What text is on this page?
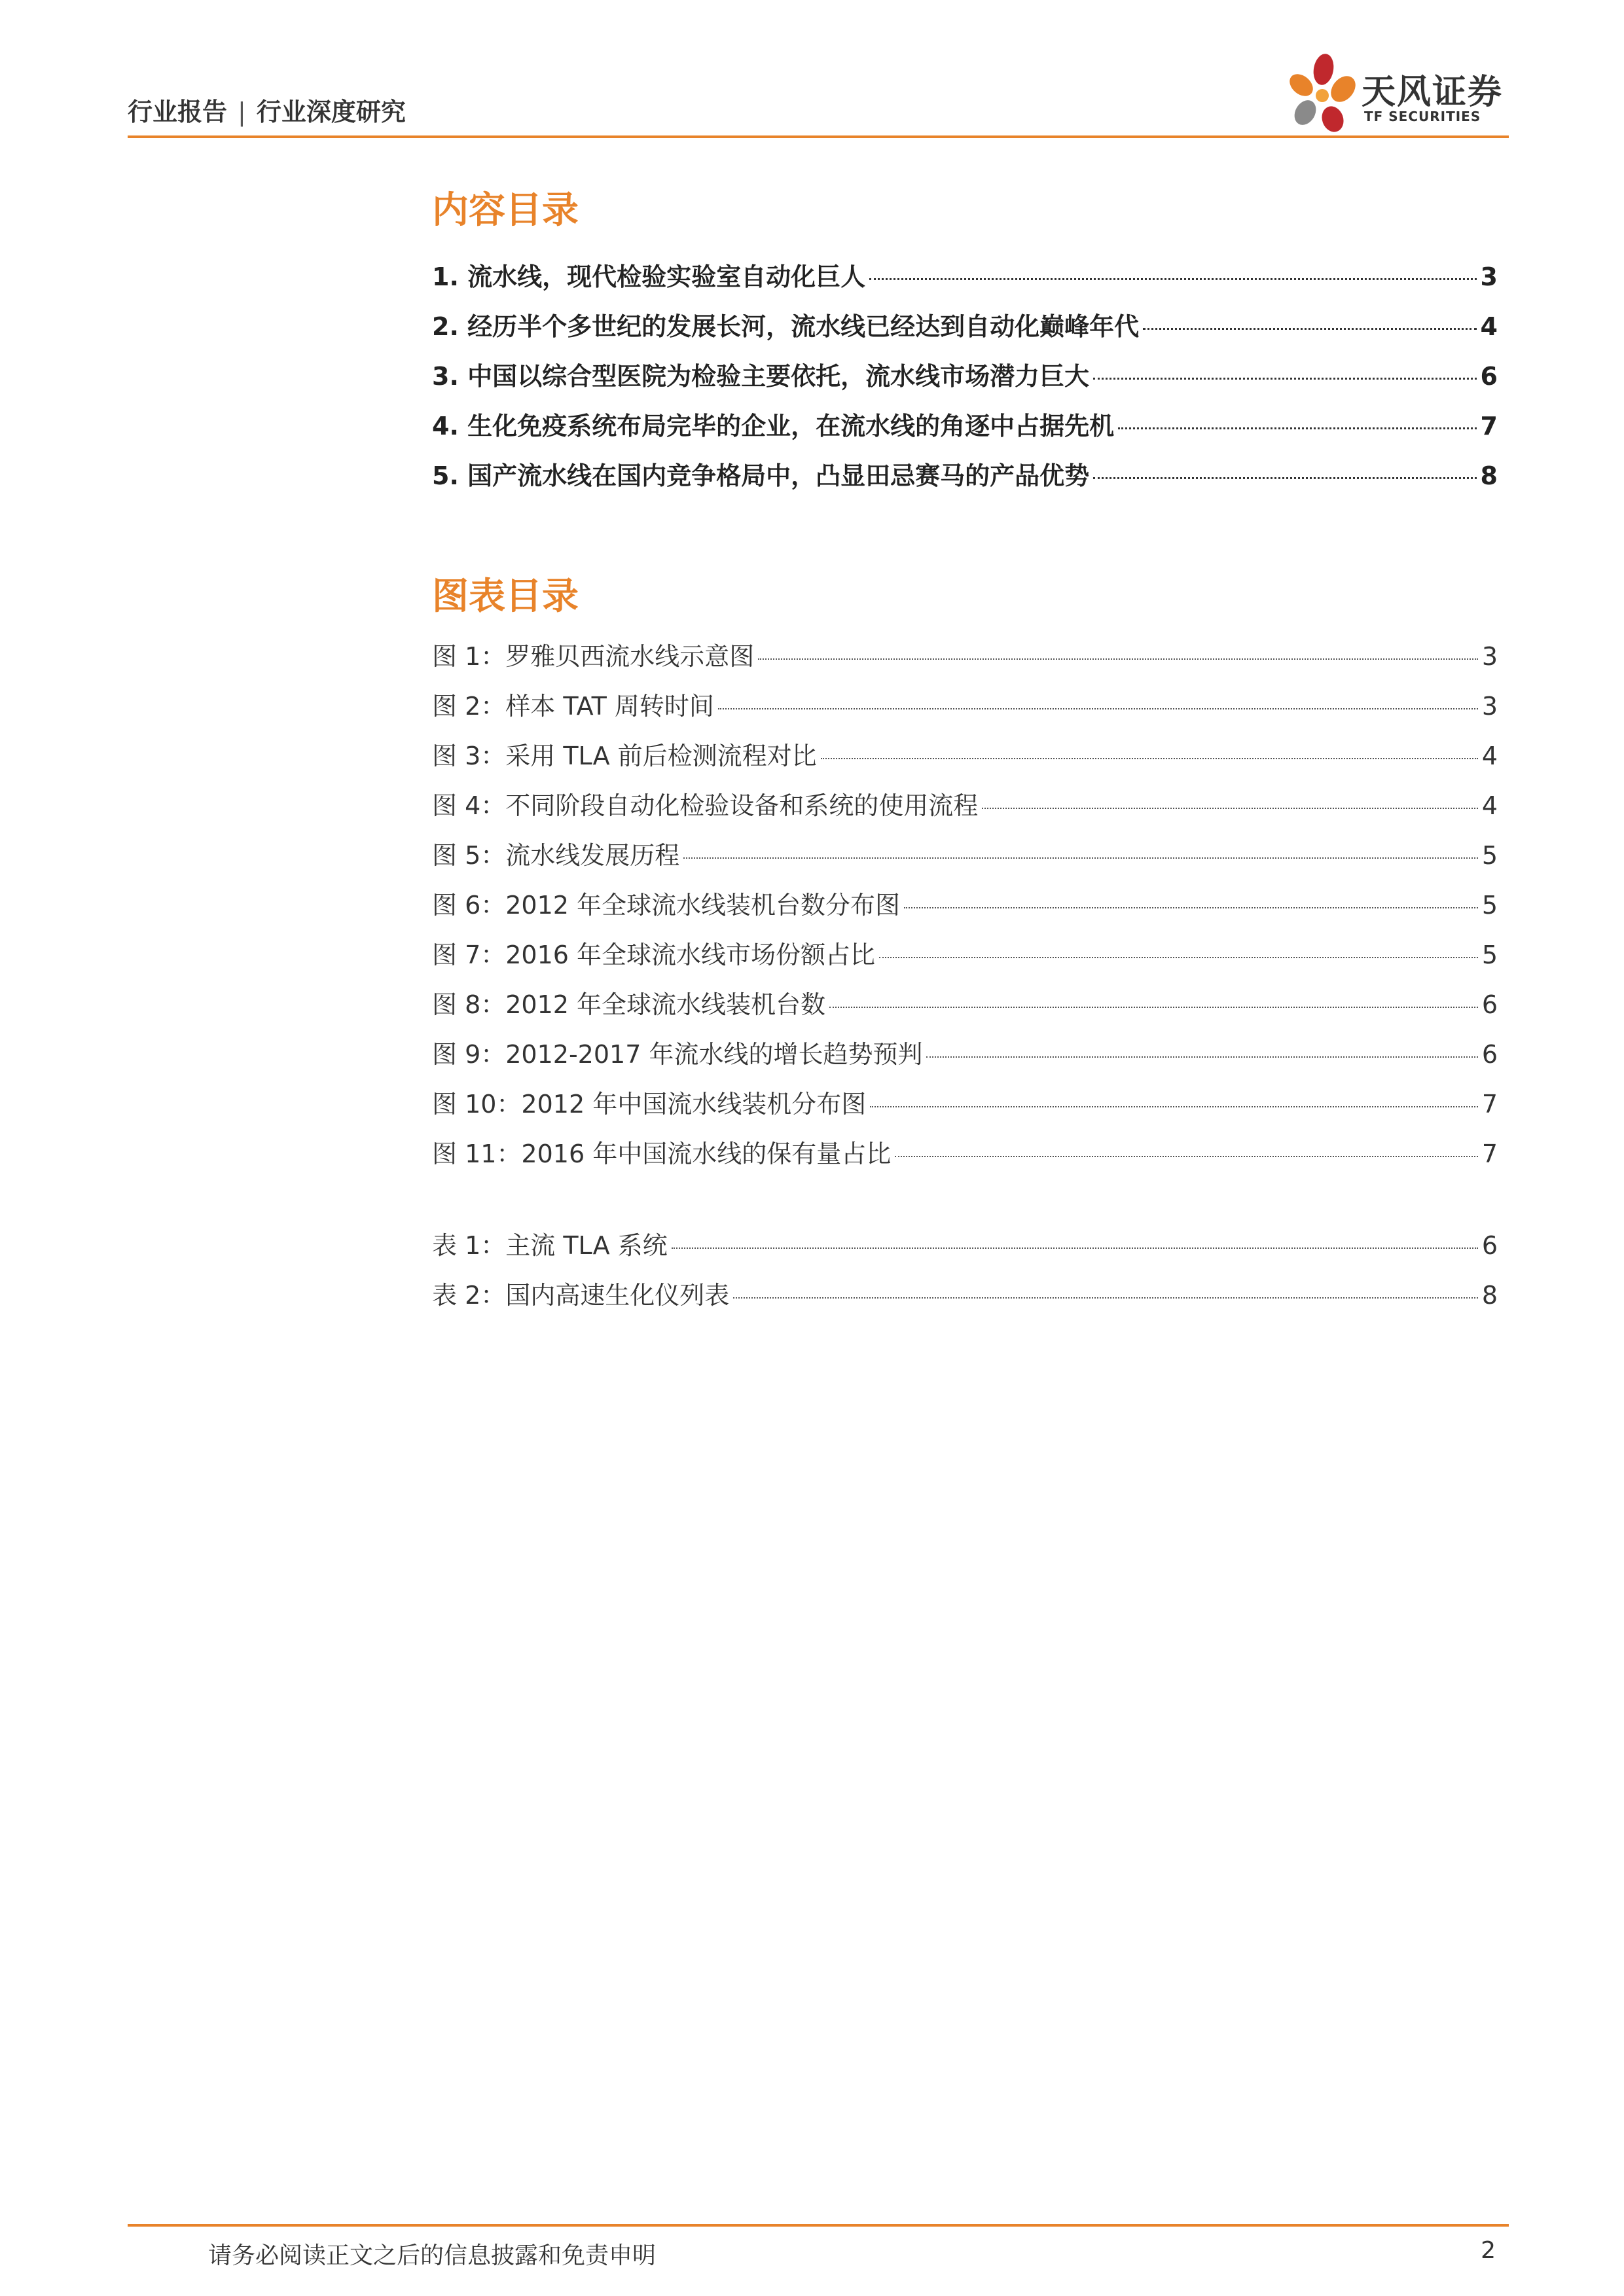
行业报告 | 行业深度研究	天风证券
TF SECURITIES
内容目录
1. 流水线，现代检验实验室自动化巨人	3
2. 经历半个多世纪的发展长河，流水线已经达到自动化巅峰年代	4
3. 中国以综合型医院为检验主要依托，流水线市场潜力巨大	6
4. 生化免疫系统布局完毕的企业，在流水线的角逐中占据先机	7
5. 国产流水线在国内竞争格局中，凸显田忌赛马的产品优势	8
图表目录
图 1：罗雅贝西流水线示意图	3
图 2：样本 TAT 周转时间	3
图 3：采用 TLA 前后检测流程对比	4
图 4：不同阶段自动化检验设备和系统的使用流程	4
图 5：流水线发展历程	5
图 6：2012 年全球流水线装机台数分布图	5
图 7：2016 年全球流水线市场份额占比	5
图 8：2012 年全球流水线装机台数	6
图 9：2012-2017 年流水线的增长趋势预判	6
图 10：2012 年中国流水线装机分布图	7
图 11：2016 年中国流水线的保有量占比	7
表 1：主流 TLA 系统	6
表 2：国内高速生化仪列表	8
请务必阅读正文之后的信息披露和免责申明	2
